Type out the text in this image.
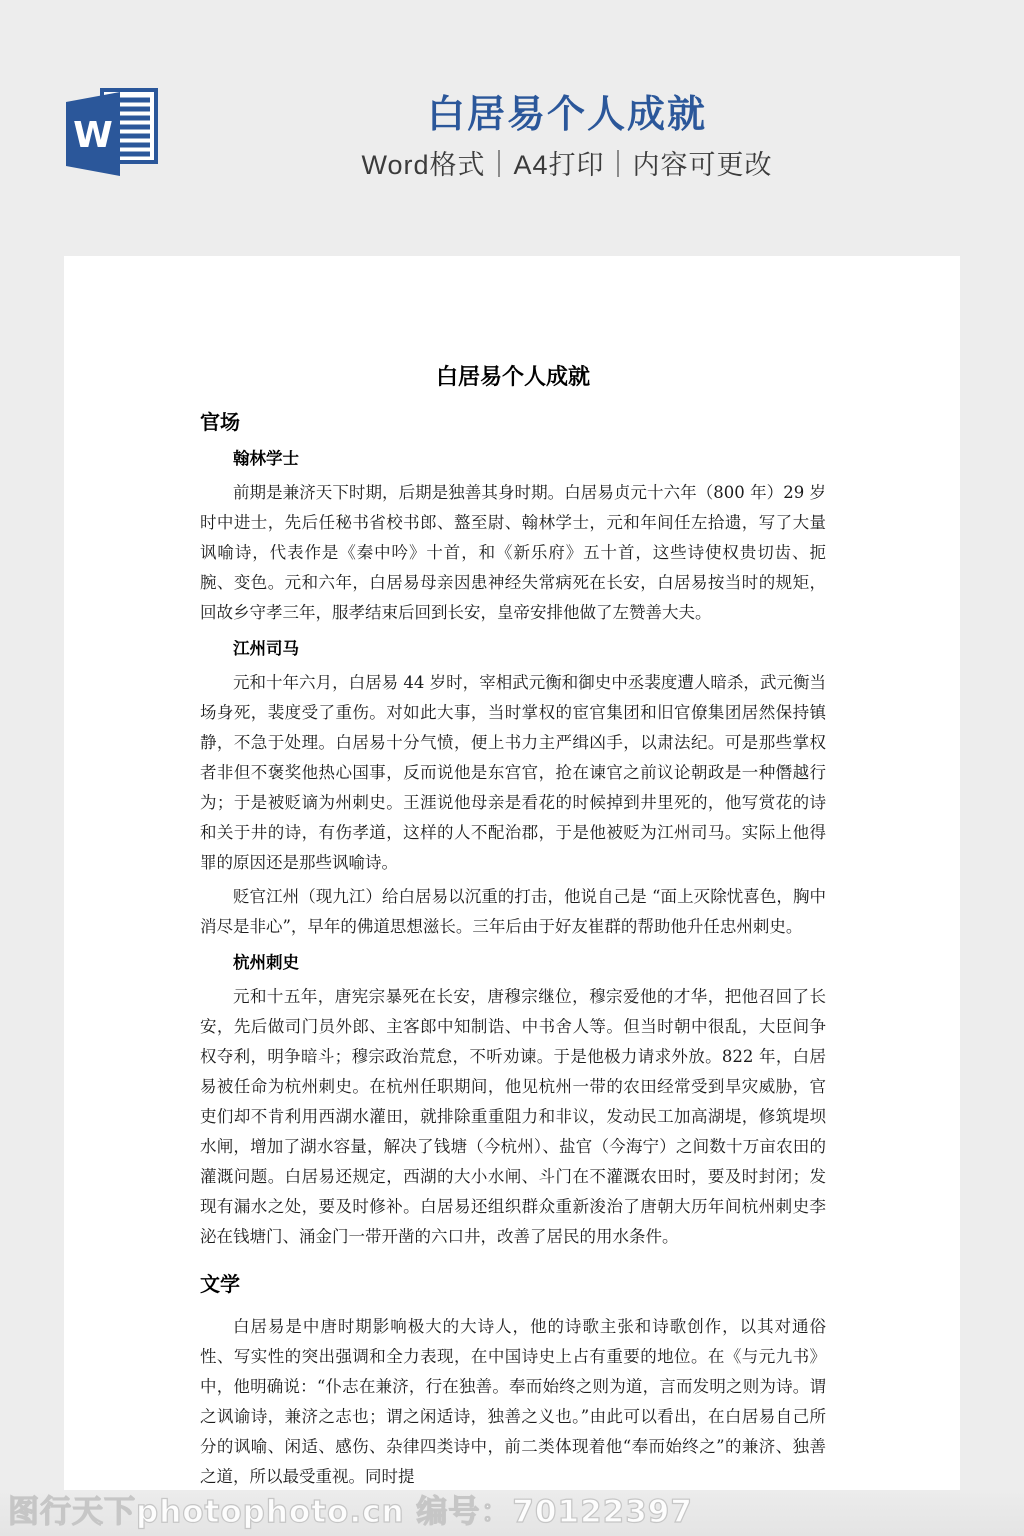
W	白居易个人成就
Word格式｜A4打印｜内容可更改
白居易个人成就
官场
翰林学士

前期是兼济天下时期，后期是独善其身时期。白居易贞元十六年（800 年）29 岁时中进士，先后任秘书省校书郎、盩至尉、翰林学士，元和年间任左拾遗，写了大量讽喻诗，代表作是《秦中吟》十首，和《新乐府》五十首，这些诗使权贵切齿、扼腕、变色。元和六年，白居易母亲因患神经失常病死在长安，白居易按当时的规矩，回故乡守孝三年，服孝结束后回到长安，皇帝安排他做了左赞善大夫。

江州司马

元和十年六月，白居易 44 岁时，宰相武元衡和御史中丞裴度遭人暗杀，武元衡当场身死，裴度受了重伤。对如此大事，当时掌权的宦官集团和旧官僚集团居然保持镇静，不急于处理。白居易十分气愤，便上书力主严缉凶手，以肃法纪。可是那些掌权者非但不褒奖他热心国事，反而说他是东宫官，抢在谏官之前议论朝政是一种僭越行为；于是被贬谪为州刺史。王涯说他母亲是看花的时候掉到井里死的，他写赏花的诗和关于井的诗，有伤孝道，这样的人不配治郡，于是他被贬为江州司马。实际上他得罪的原因还是那些讽喻诗。

贬官江州（现九江）给白居易以沉重的打击，他说自己是 “面上灭除忧喜色，胸中消尽是非心”，早年的佛道思想滋长。三年后由于好友崔群的帮助他升任忠州刺史。

杭州刺史

元和十五年，唐宪宗暴死在长安，唐穆宗继位，穆宗爱他的才华，把他召回了长安，先后做司门员外郎、主客郎中知制诰、中书舍人等。但当时朝中很乱，大臣间争权夺利，明争暗斗；穆宗政治荒怠，不听劝谏。于是他极力请求外放。822 年，白居易被任命为杭州刺史。在杭州任职期间，他见杭州一带的农田经常受到旱灾威胁，官吏们却不肯利用西湖水灌田，就排除重重阻力和非议，发动民工加高湖堤，修筑堤坝水闸，增加了湖水容量，解决了钱塘（今杭州）、盐官（今海宁）之间数十万亩农田的灌溉问题。白居易还规定，西湖的大小水闸、斗门在不灌溉农田时，要及时封闭；发现有漏水之处，要及时修补。白居易还组织群众重新浚治了唐朝大历年间杭州刺史李泌在钱塘门、涌金门一带开凿的六口井，改善了居民的用水条件。

文学

白居易是中唐时期影响极大的大诗人，他的诗歌主张和诗歌创作，以其对通俗性、写实性的突出强调和全力表现，在中国诗史上占有重要的地位。在《与元九书》中，他明确说：“仆志在兼济，行在独善。奉而始终之则为道，言而发明之则为诗。谓之讽谕诗，兼济之志也；谓之闲适诗，独善之义也。”由此可以看出，在白居易自己所分的讽喻、闲适、感伤、杂律四类诗中，前二类体现着他“奉而始终之”的兼济、独善之道，所以最受重视。同时提

图行天下photophoto.cn 编号：70122397
